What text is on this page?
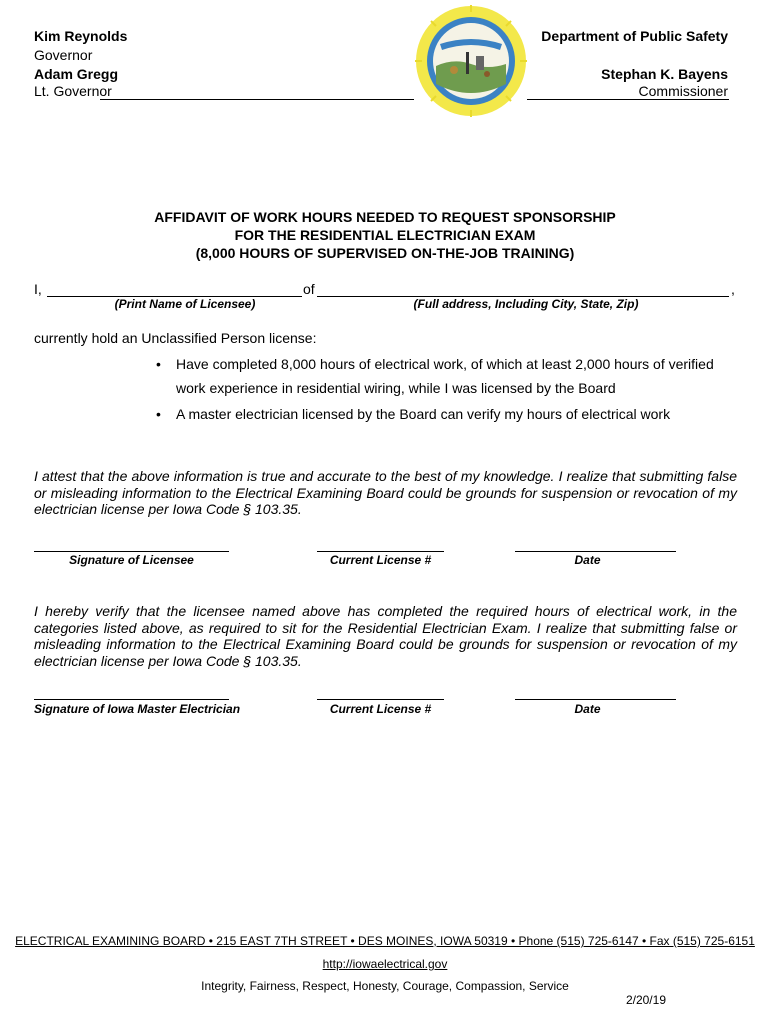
Kim Reynolds
Governor
Adam Gregg
Lt. Governor
Department of Public Safety
Stephan K. Bayens
Commissioner
AFFIDAVIT OF WORK HOURS NEEDED TO REQUEST SPONSORSHIP
FOR THE RESIDENTIAL ELECTRICIAN EXAM
(8,000 HOURS OF SUPERVISED ON-THE-JOB TRAINING)
I,	of	,
(Print Name of Licensee)	(Full address, Including City, State, Zip)
currently hold an Unclassified Person license:
• Have completed 8,000 hours of electrical work, of which at least 2,000 hours of verified work experience in residential wiring, while I was licensed by the Board
• A master electrician licensed by the Board can verify my hours of electrical work
I attest that the above information is true and accurate to the best of my knowledge. I realize that submitting false or misleading information to the Electrical Examining Board could be grounds for suspension or revocation of my electrician license per Iowa Code § 103.35.
Signature of Licensee	Current License #	Date
I hereby verify that the licensee named above has completed the required hours of electrical work, in the categories listed above, as required to sit for the Residential Electrician Exam. I realize that submitting false or misleading information to the Electrical Examining Board could be grounds for suspension or revocation of my electrician license per Iowa Code § 103.35.
Signature of Iowa Master Electrician	Current License #	Date
ELECTRICAL EXAMINING BOARD • 215 EAST 7TH STREET • DES MOINES, IOWA 50319 • Phone (515) 725-6147 • Fax (515) 725-6151
http://iowaelectrical.gov
Integrity, Fairness, Respect, Honesty, Courage, Compassion, Service
2/20/19
